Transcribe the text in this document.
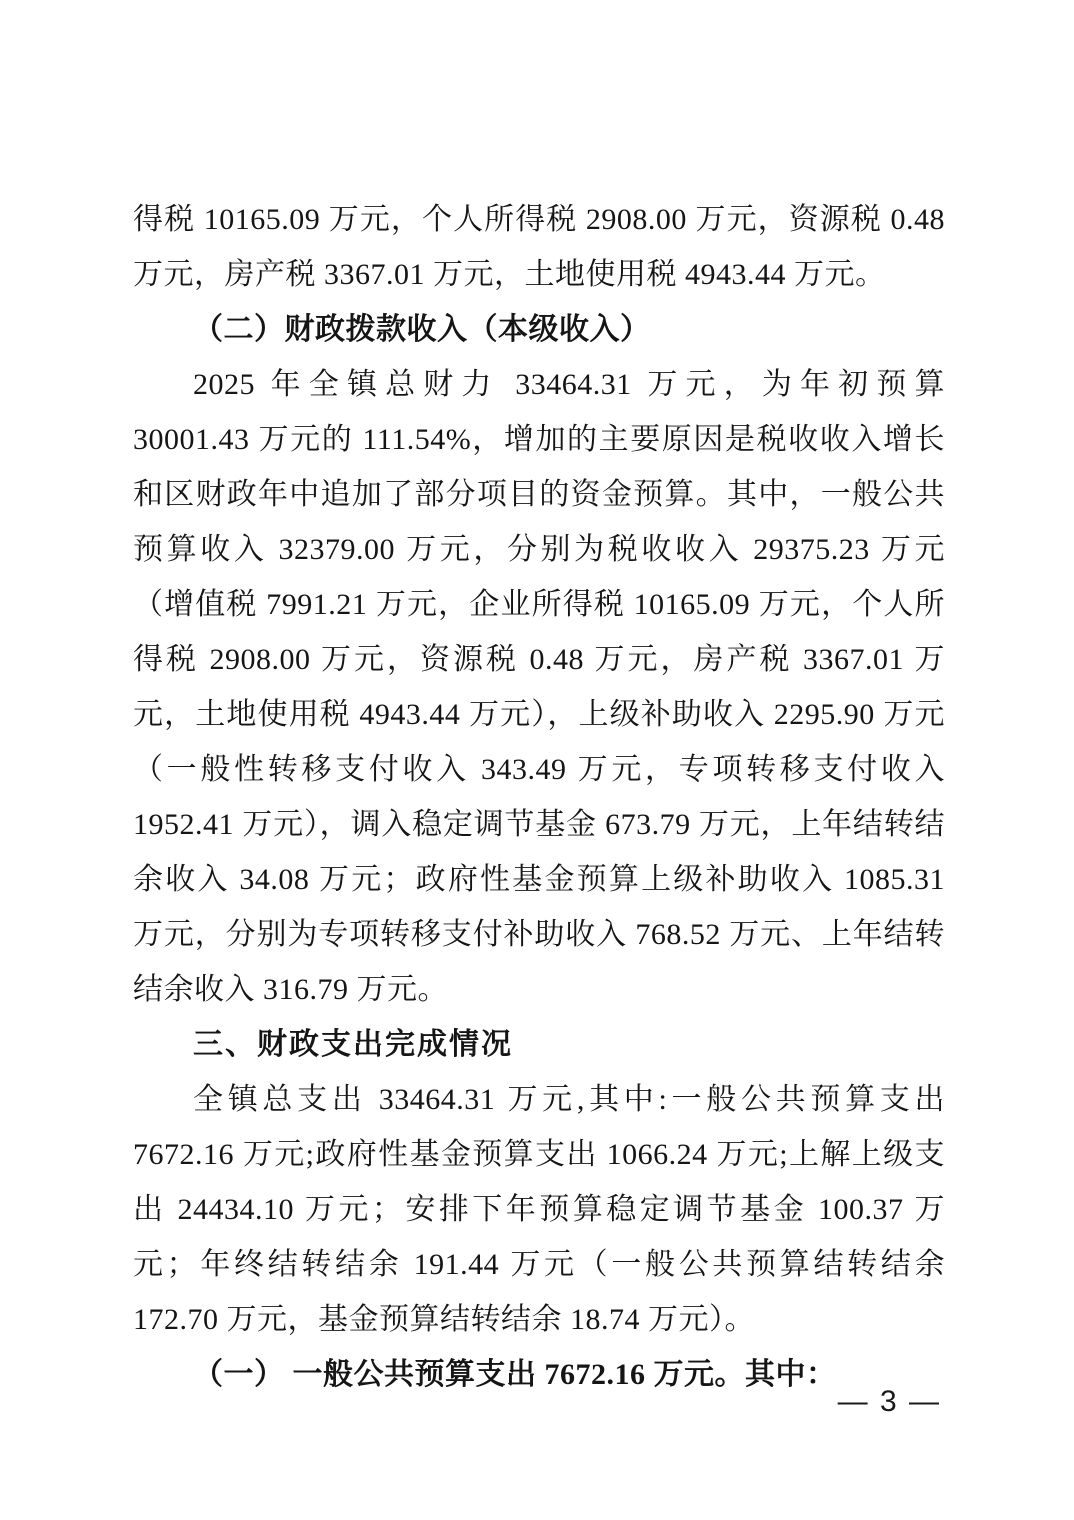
得税 10165.09 万元，个人所得税 2908.00 万元，资源税 0.48 万元，房产税 3367.01 万元，土地使用税 4943.44 万元。

（二）财政拨款收入（本级收入）

2025 年全镇总财力 33464.31 万元，为年初预算 30001.43 万元的 111.54%，增加的主要原因是税收收入增长和区财政年中追加了部分项目的资金预算。其中，一般公共预算收入 32379.00 万元，分别为税收收入 29375.23 万元（增值税 7991.21 万元，企业所得税 10165.09 万元，个人所得税 2908.00 万元，资源税 0.48 万元，房产税 3367.01 万元，土地使用税 4943.44 万元），上级补助收入 2295.90 万元（一般性转移支付收入 343.49 万元，专项转移支付收入 1952.41 万元），调入稳定调节基金 673.79 万元，上年结转结余收入 34.08 万元；政府性基金预算上级补助收入 1085.31 万元，分别为专项转移支付补助收入 768.52 万元、上年结转结余收入 316.79 万元。

三、财政支出完成情况

全镇总支出 33464.31 万元,其中:一般公共预算支出 7672.16 万元;政府性基金预算支出 1066.24 万元;上解上级支出 24434.10 万元；安排下年预算稳定调节基金 100.37 万元；年终结转结余 191.44 万元（一般公共预算结转结余 172.70 万元，基金预算结转结余 18.74 万元）。

（一） 一般公共预算支出 7672.16 万元。其中：

— 3 —
